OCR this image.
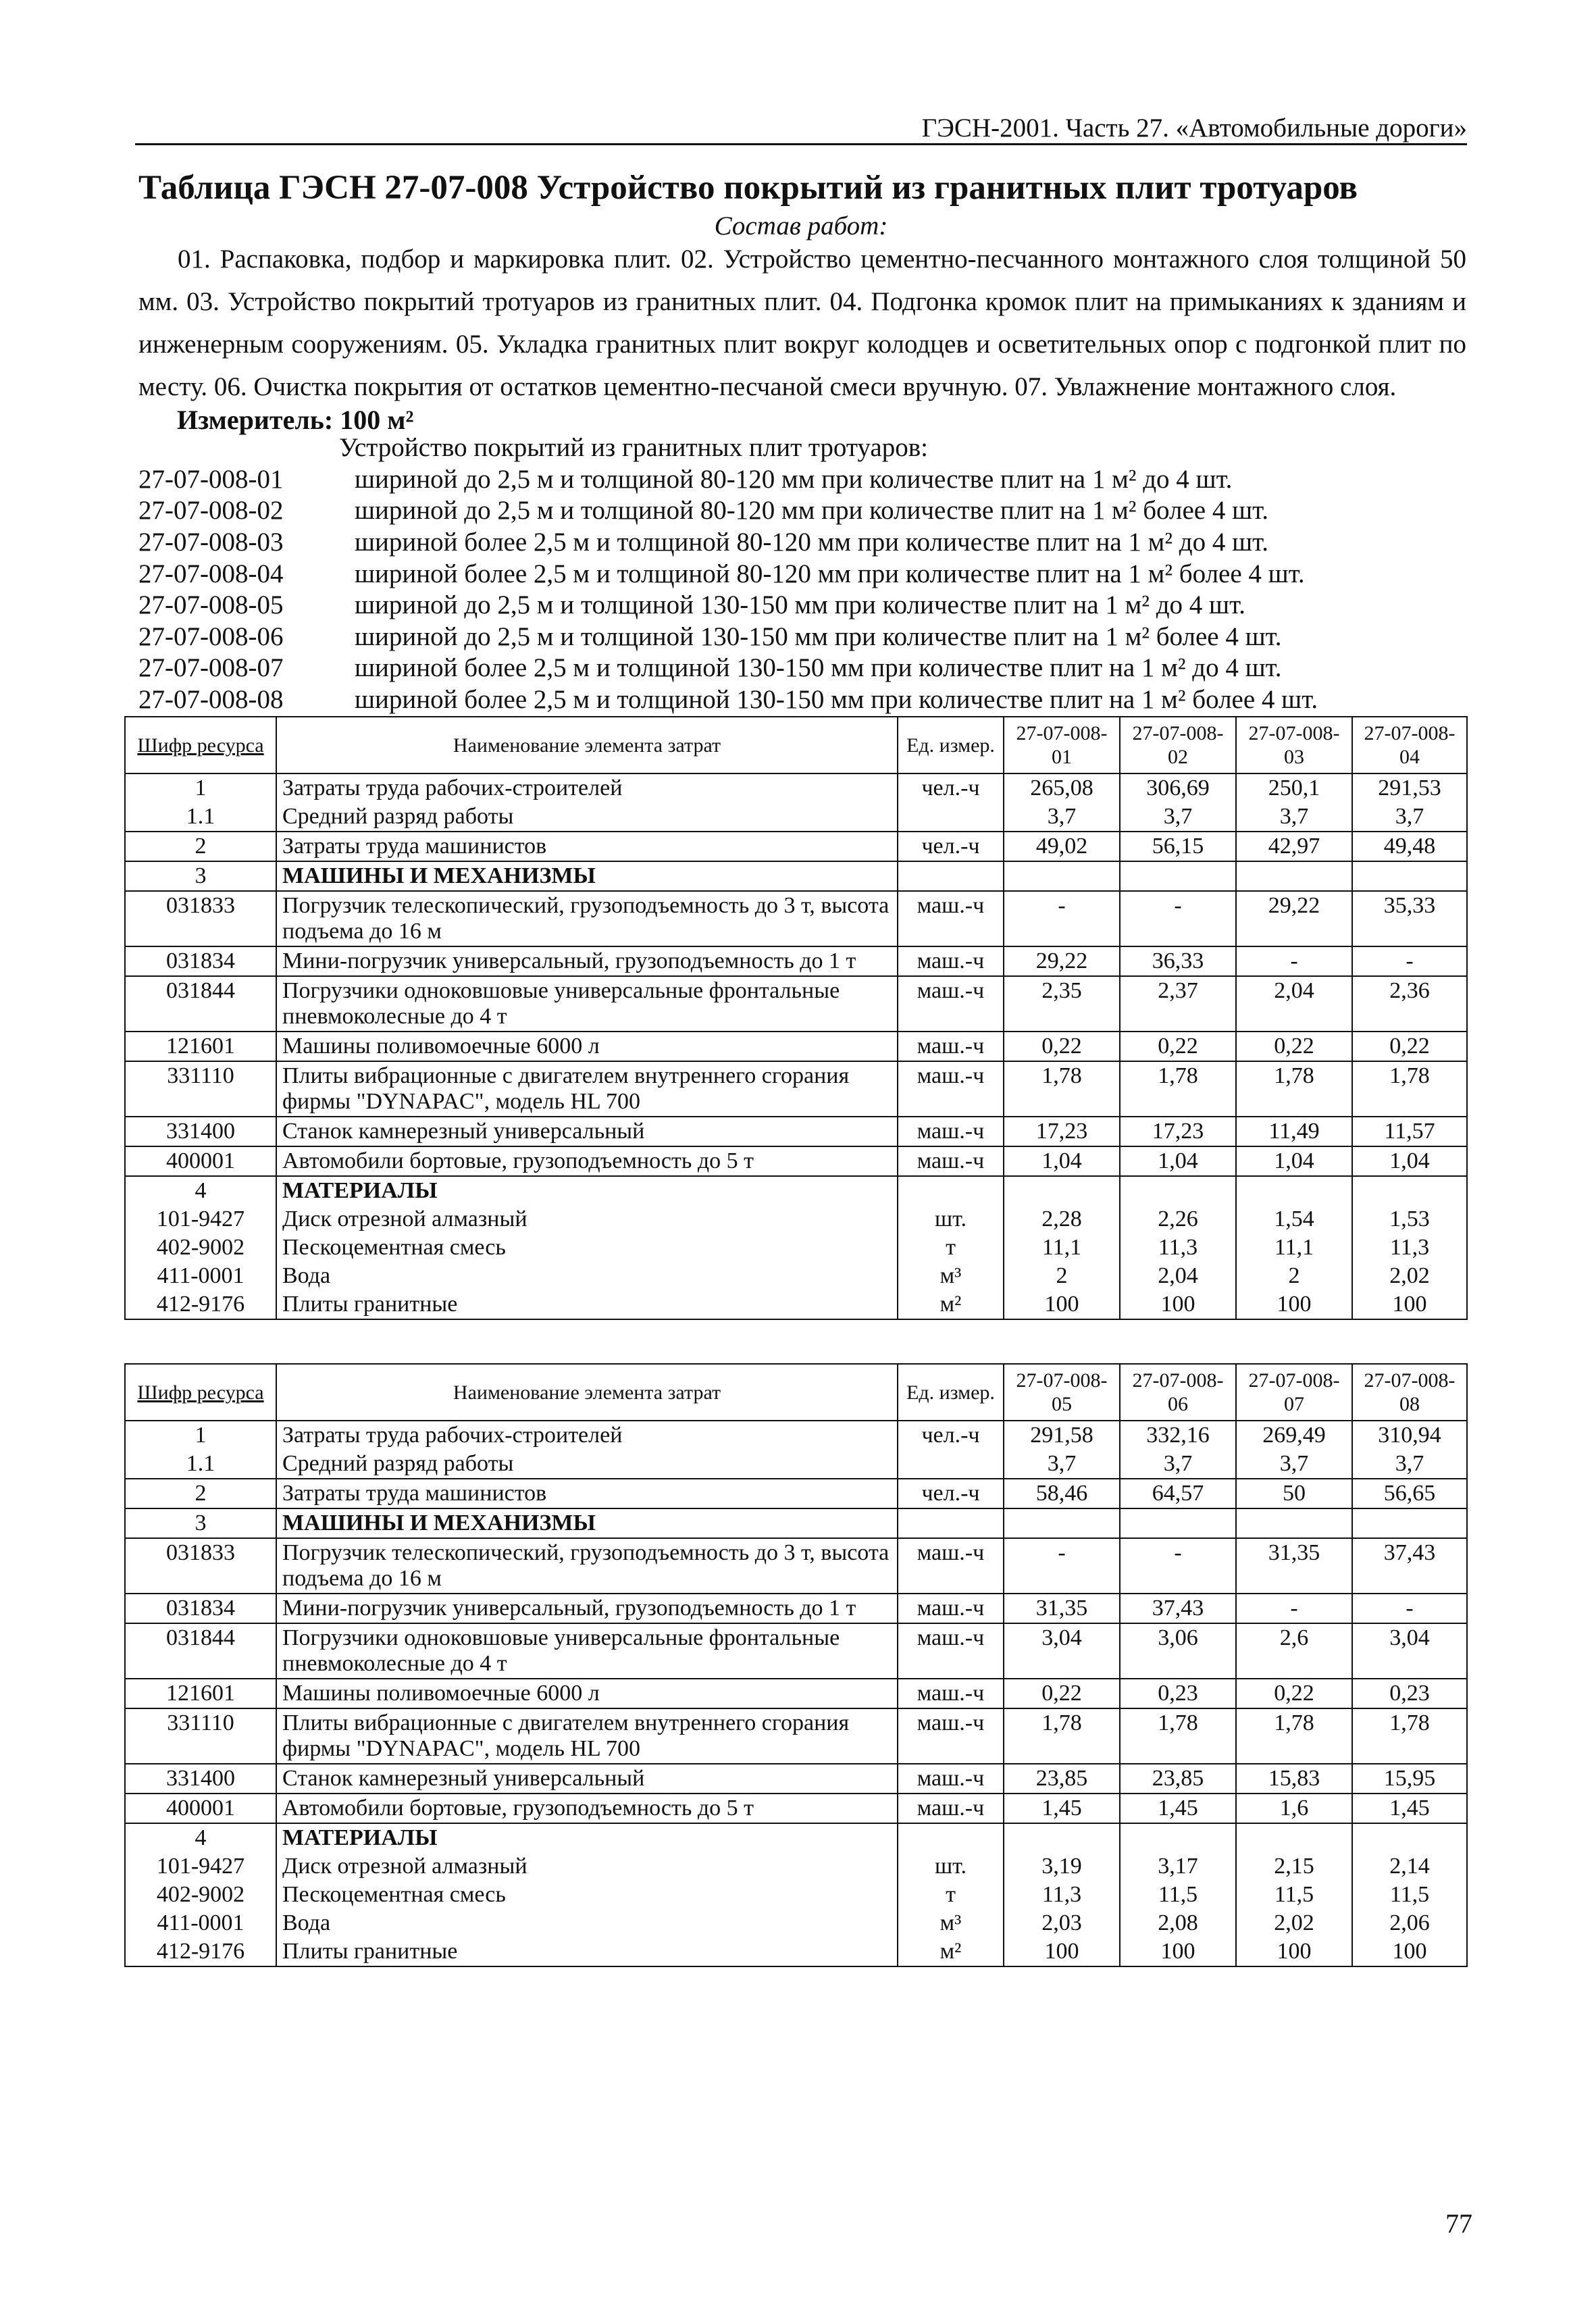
ГЭСН-2001. Часть 27. «Автомобильные дороги»
Таблица ГЭСН 27-07-008 Устройство покрытий из гранитных плит тротуаров
Состав работ:
01. Распаковка, подбор и маркировка плит. 02. Устройство цементно-песчанного монтажного слоя толщиной 50 мм. 03. Устройство покрытий тротуаров из гранитных плит. 04. Подгонка кромок плит на примыканиях к зданиям и инженерным сооружениям. 05. Укладка гранитных плит вокруг колодцев и осветительных опор с подгонкой плит по месту. 06. Очистка покрытия от остатков цементно-песчаной смеси вручную. 07. Увлажнение монтажного слоя.
Измеритель: 100 м²
Устройство покрытий из гранитных плит тротуаров:
27-07-008-01	шириной до 2,5 м и толщиной 80-120 мм при количестве плит на 1 м² до 4 шт.
27-07-008-02	шириной до 2,5 м и толщиной 80-120 мм при количестве плит на 1 м² более 4 шт.
27-07-008-03	шириной более 2,5 м и толщиной 80-120 мм при количестве плит на 1 м² до 4 шт.
27-07-008-04	шириной более 2,5 м и толщиной 80-120 мм при количестве плит на 1 м² более 4 шт.
27-07-008-05	шириной до 2,5 м и толщиной 130-150 мм при количестве плит на 1 м² до 4 шт.
27-07-008-06	шириной до 2,5 м и толщиной 130-150 мм при количестве плит на 1 м² более 4 шт.
27-07-008-07	шириной более 2,5 м и толщиной 130-150 мм при количестве плит на 1 м² до 4 шт.
27-07-008-08	шириной более 2,5 м и толщиной 130-150 мм при количестве плит на 1 м² более 4 шт.
Шифр ресурса	Наименование элемента затрат	Ед. измер.	27-07-008-01	27-07-008-02	27-07-008-03	27-07-008-04
1	Затраты труда рабочих-строителей	чел.-ч	265,08	306,69	250,1	291,53
1.1	Средний разряд работы		3,7	3,7	3,7	3,7
2	Затраты труда машинистов	чел.-ч	49,02	56,15	42,97	49,48
3	МАШИНЫ И МЕХАНИЗМЫ					
031833	Погрузчик телескопический, грузоподъемность до 3 т, высота подъема до 16 м	маш.-ч	-	-	29,22	35,33
031834	Мини-погрузчик универсальный, грузоподъемность до 1 т	маш.-ч	29,22	36,33	-	-
031844	Погрузчики одноковшовые универсальные фронтальные пневмоколесные до 4 т	маш.-ч	2,35	2,37	2,04	2,36
121601	Машины поливомоечные 6000 л	маш.-ч	0,22	0,22	0,22	0,22
331110	Плиты вибрационные с двигателем внутреннего сгорания фирмы "DYNAPAC", модель HL 700	маш.-ч	1,78	1,78	1,78	1,78
331400	Станок камнерезный универсальный	маш.-ч	17,23	17,23	11,49	11,57
400001	Автомобили бортовые, грузоподъемность до 5 т	маш.-ч	1,04	1,04	1,04	1,04
4	МАТЕРИАЛЫ					
101-9427	Диск отрезной алмазный	шт.	2,28	2,26	1,54	1,53
402-9002	Пескоцементная смесь	т	11,1	11,3	11,1	11,3
411-0001	Вода	м³	2	2,04	2	2,02
412-9176	Плиты гранитные	м²	100	100	100	100
Шифр ресурса	Наименование элемента затрат	Ед. измер.	27-07-008-05	27-07-008-06	27-07-008-07	27-07-008-08
1	Затраты труда рабочих-строителей	чел.-ч	291,58	332,16	269,49	310,94
1.1	Средний разряд работы		3,7	3,7	3,7	3,7
2	Затраты труда машинистов	чел.-ч	58,46	64,57	50	56,65
3	МАШИНЫ И МЕХАНИЗМЫ					
031833	Погрузчик телескопический, грузоподъемность до 3 т, высота подъема до 16 м	маш.-ч	-	-	31,35	37,43
031834	Мини-погрузчик универсальный, грузоподъемность до 1 т	маш.-ч	31,35	37,43	-	-
031844	Погрузчики одноковшовые универсальные фронтальные пневмоколесные до 4 т	маш.-ч	3,04	3,06	2,6	3,04
121601	Машины поливомоечные 6000 л	маш.-ч	0,22	0,23	0,22	0,23
331110	Плиты вибрационные с двигателем внутреннего сгорания фирмы "DYNAPAC", модель HL 700	маш.-ч	1,78	1,78	1,78	1,78
331400	Станок камнерезный универсальный	маш.-ч	23,85	23,85	15,83	15,95
400001	Автомобили бортовые, грузоподъемность до 5 т	маш.-ч	1,45	1,45	1,6	1,45
4	МАТЕРИАЛЫ					
101-9427	Диск отрезной алмазный	шт.	3,19	3,17	2,15	2,14
402-9002	Пескоцементная смесь	т	11,3	11,5	11,5	11,5
411-0001	Вода	м³	2,03	2,08	2,02	2,06
412-9176	Плиты гранитные	м²	100	100	100	100
77
